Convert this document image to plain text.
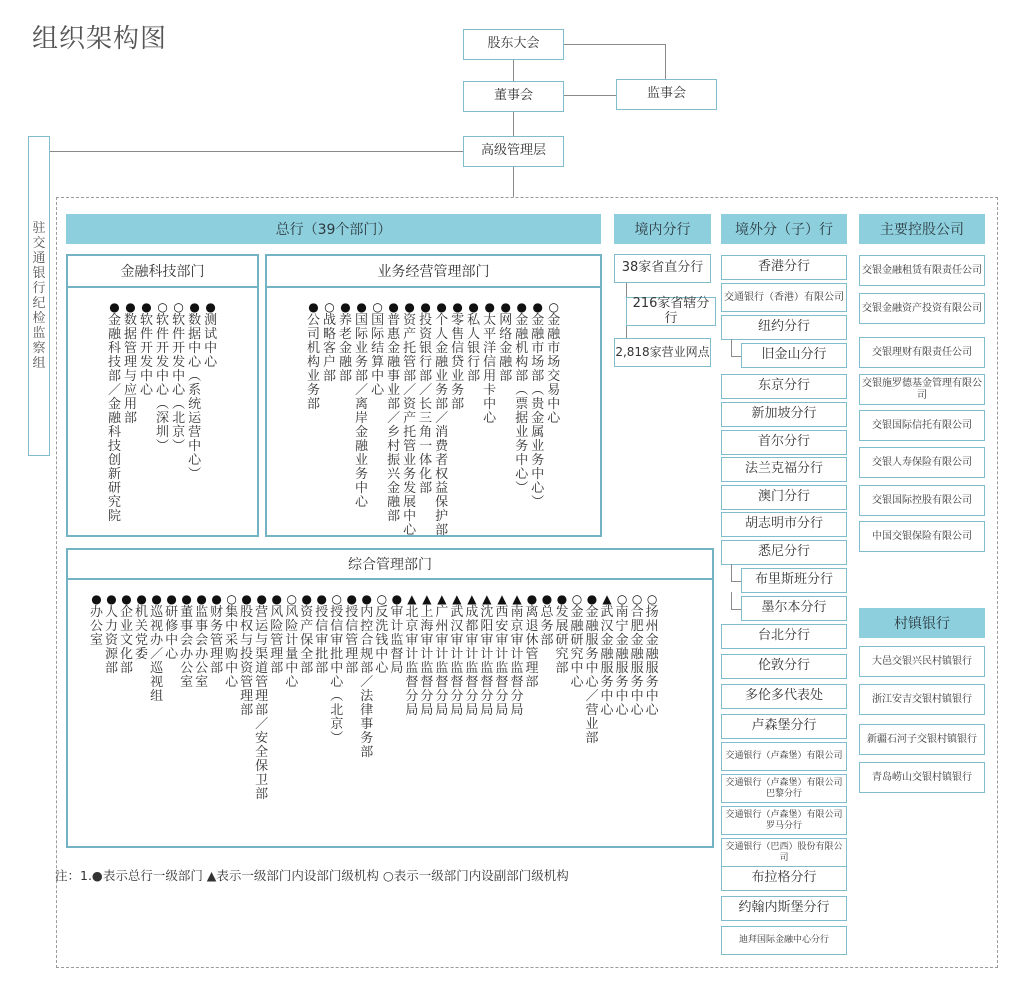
组织架构图	股东大会
董事会
高级管理层
监事会
驻
交
通
银
行
纪
检
监
察
组
总行（39个部门）	境内分行	境外分（子）行	主要控股公司
金融科技部门
●
金
融
科
技
部
／
金
融
科
技
创
新
研
究
院
●
数
据
管
理
与
应
用
部
●
软
件
开
发
中
心
○
软
件
开
发
中
心
︵
深
圳
︶
○
软
件
开
发
中
心
︵
北
京
︶
●
数
据
中
心
︵
系
统
运
营
中
心
︶
●
测
试
中
心
业务经营管理部门
●
公
司
机
构
业
务
部
○
战
略
客
户
部
●
养
老
金
融
部
●
国
际
业
务
部
／
离
岸
金
融
业
务
中
心
○
国
际
结
算
中
心
●
普
惠
金
融
事
业
部
／
乡
村
振
兴
金
融
部
●
资
产
托
管
部
／
资
产
托
管
业
务
发
展
中
心
●
投
资
银
行
部
／
长
三
角
一
体
化
部
●
个
人
金
融
业
务
部
／
消
费
者
权
益
保
护
部
●
零
售
信
贷
业
务
部
●
私
人
银
行
部
●
太
平
洋
信
用
卡
中
心
●
网
络
金
融
部
●
金
融
机
构
部
︵
票
据
业
务
中
心
︶
●
金
融
市
场
部
︵
贵
金
属
业
务
中
心
︶
○
金
融
市
场
交
易
中
心
综合管理部门
●
办
公
室
●
人
力
资
源
部
●
企
业
文
化
部
●
机
关
党
委
●
巡
视
办
／
巡
视
组
●
研
修
中
心
●
董
事
会
办
公
室
●
监
事
会
办
公
室
●
财
务
管
理
部
○
集
中
采
购
中
心
●
股
权
与
投
资
管
理
部
●
营
运
与
渠
道
管
理
部
／
安
全
保
卫
部
●
风
险
管
理
部
○
风
险
计
量
中
心
●
资
产
保
全
部
●
授
信
审
批
部
○
授
信
审
批
中
心
︵
北
京
︶
●
授
信
管
理
部
●
内
控
合
规
部
／
法
律
事
务
部
○
反
洗
钱
中
心
●
审
计
监
督
局
▲
北
京
审
计
监
督
分
局
▲
上
海
审
计
监
督
分
局
▲
广
州
审
计
监
督
分
局
▲
武
汉
审
计
监
督
分
局
▲
成
都
审
计
监
督
分
局
▲
沈
阳
审
计
监
督
分
局
▲
西
安
审
计
监
督
分
局
▲
南
京
审
计
监
督
分
局
●
离
退
休
管
理
部
●
总
务
部
●
发
展
研
究
部
○
金
融
研
究
中
心
●
金
融
服
务
中
心
／
营
业
部
▲
武
汉
金
融
服
务
中
心
○
南
宁
金
融
服
务
中
心
○
合
肥
金
融
服
务
中
心
○
扬
州
金
融
服
务
中
心
38家省直分行
216家省辖分行
2,818家营业网点
香港分行
交通银行（香港）有限公司
纽约分行
旧金山分行
东京分行
新加坡分行
首尔分行
法兰克福分行
澳门分行
胡志明市分行
悉尼分行
布里斯班分行
墨尔本分行
台北分行
伦敦分行
多伦多代表处
卢森堡分行
交通银行（卢森堡）有限公司
交通银行（卢森堡）有限公司巴黎分行
交通银行（卢森堡）有限公司罗马分行
交通银行（巴西）股份有限公司
布拉格分行
约翰内斯堡分行
迪拜国际金融中心分行
交银金融租赁有限责任公司
交银金融资产投资有限公司
交银理财有限责任公司
交银施罗德基金管理有限公司
交银国际信托有限公司
交银人寿保险有限公司
交银国际控股有限公司
中国交银保险有限公司
村镇银行
大邑交银兴民村镇银行
浙江安吉交银村镇银行
新疆石河子交银村镇银行
青岛崂山交银村镇银行
注：1.●表示总行一级部门 ▲表示一级部门内设部门级机构 ○表示一级部门内设副部门级机构
